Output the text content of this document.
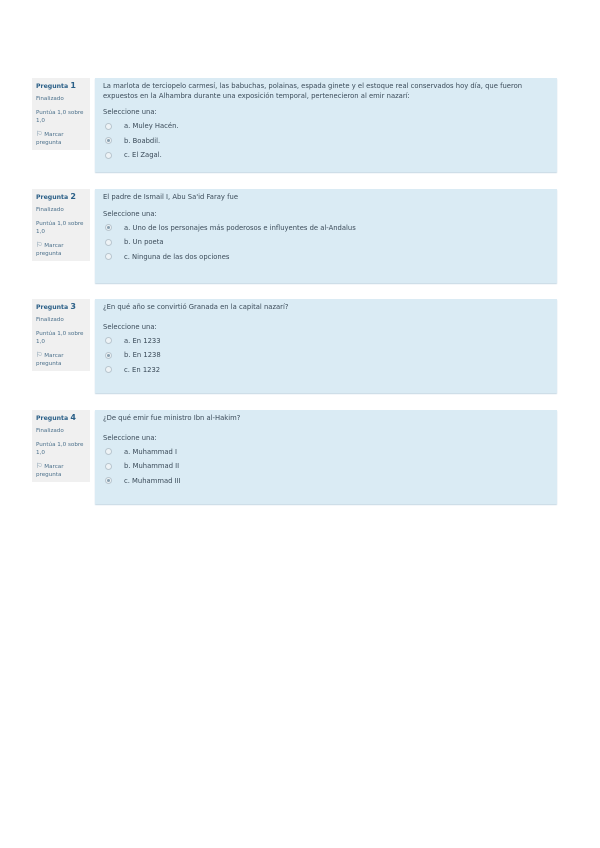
Pregunta 1
Finalizado
Puntúa 1,0 sobre 1,0
⚐ Marcar pregunta
La marlota de terciopelo carmesí, las babuchas, polainas, espada ginete y el estoque real conservados hoy día, que fueron expuestos en la Alhambra durante una exposición temporal, pertenecieron al emir nazarí:
Seleccione una:
a. Muley Hacén.
b. Boabdil.
c. El Zagal.
Pregunta 2
Finalizado
Puntúa 1,0 sobre 1,0
⚐ Marcar pregunta
El padre de Ismail I, Abu Sa'id Faray fue
Seleccione una:
a. Uno de los personajes más poderosos e influyentes de al-Andalus
b. Un poeta
c. Ninguna de las dos opciones
Pregunta 3
Finalizado
Puntúa 1,0 sobre 1,0
⚐ Marcar pregunta
¿En qué año se convirtió Granada en la capital nazarí?
Seleccione una:
a. En 1233
b. En 1238
c. En 1232
Pregunta 4
Finalizado
Puntúa 1,0 sobre 1,0
⚐ Marcar pregunta
¿De qué emir fue ministro Ibn al-Hakim?
Seleccione una:
a. Muhammad I
b. Muhammad II
c. Muhammad III
